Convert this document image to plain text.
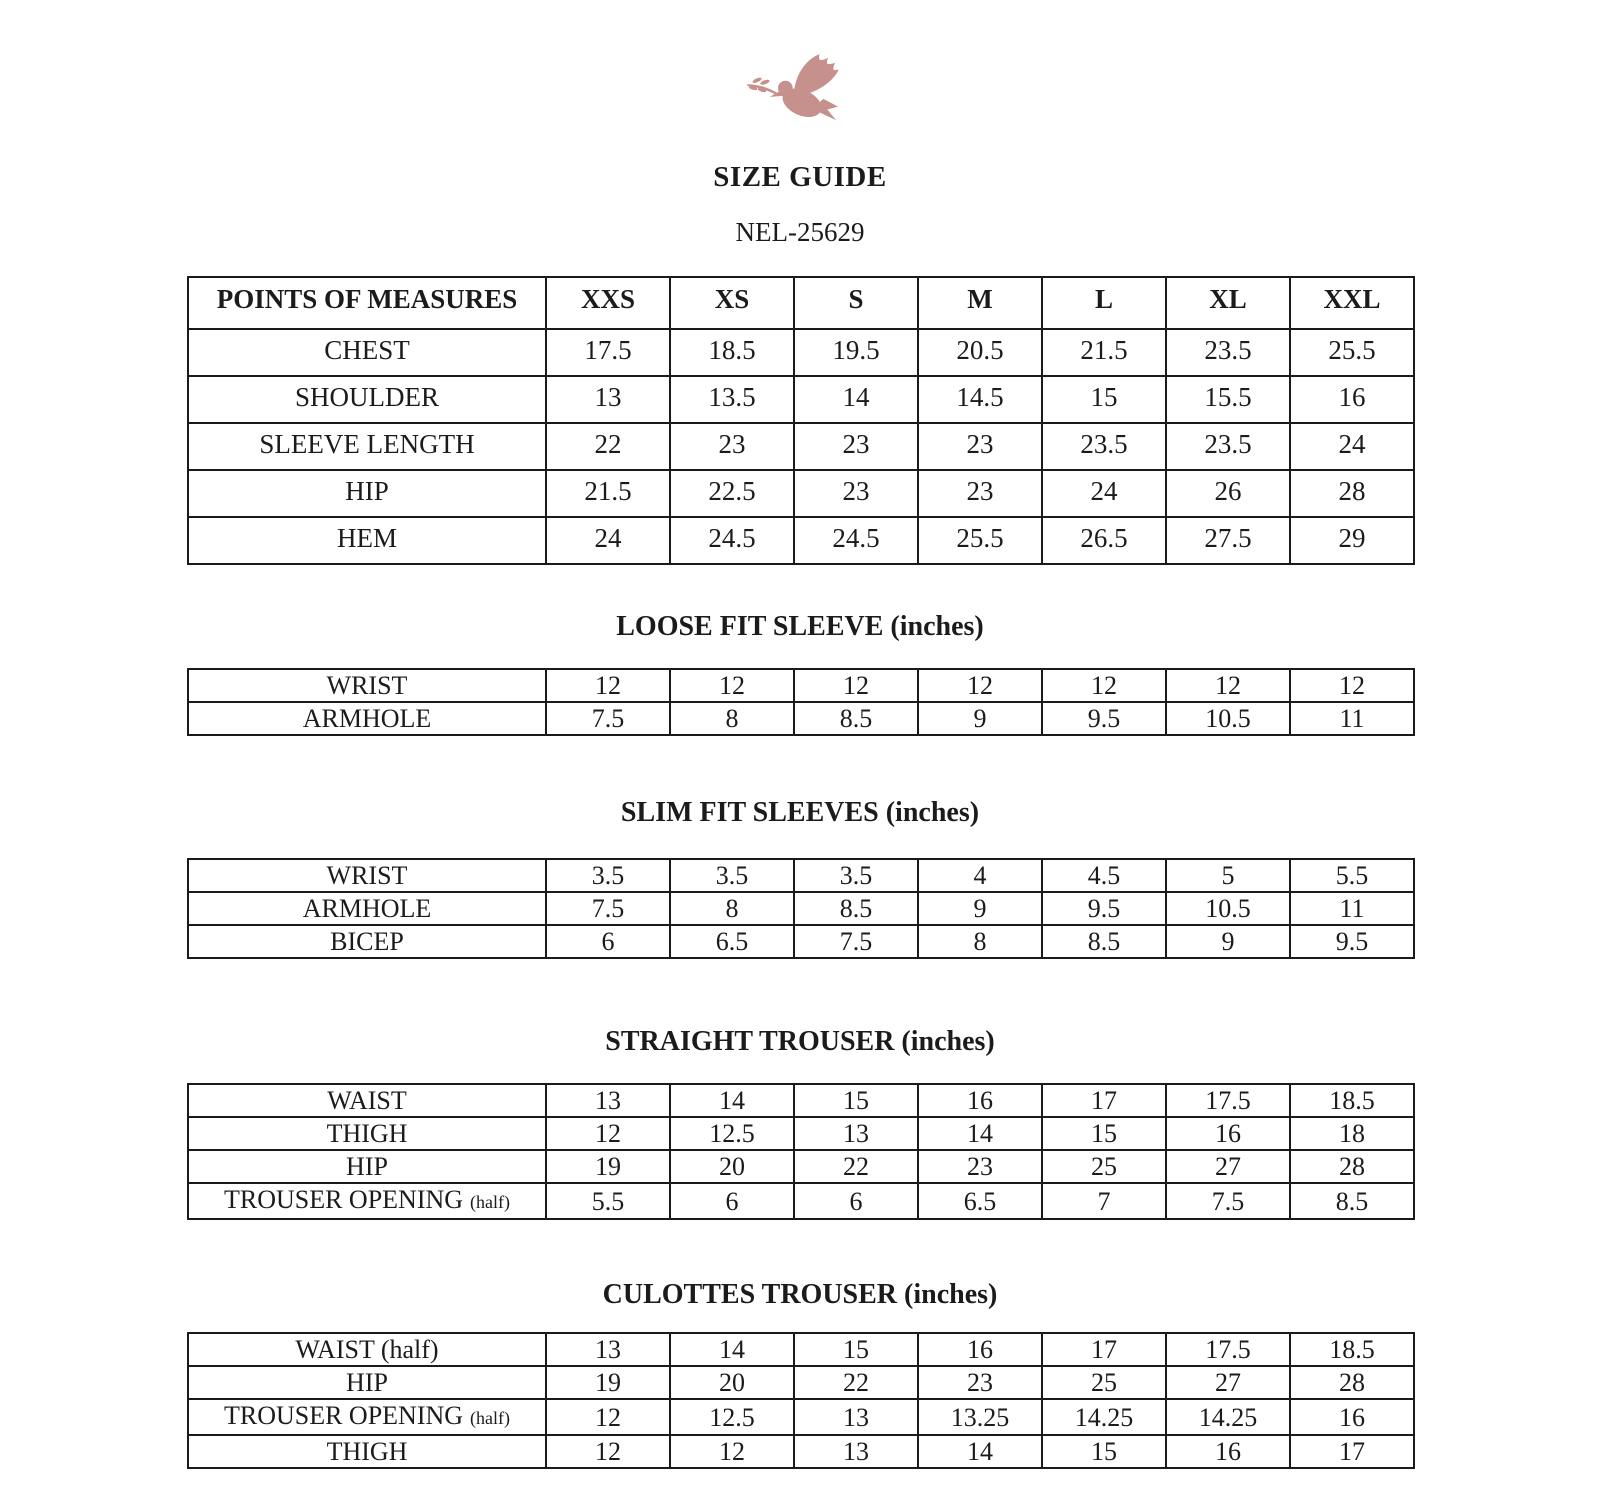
SIZE GUIDE
NEL-25629
POINTS OF MEASURES	XXS	XS	S	M	L	XL	XXL
CHEST	17.5	18.5	19.5	20.5	21.5	23.5	25.5
SHOULDER	13	13.5	14	14.5	15	15.5	16
SLEEVE LENGTH	22	23	23	23	23.5	23.5	24
HIP	21.5	22.5	23	23	24	26	28
HEM	24	24.5	24.5	25.5	26.5	27.5	29
LOOSE FIT SLEEVE (inches)
WRIST	12	12	12	12	12	12	12
ARMHOLE	7.5	8	8.5	9	9.5	10.5	11
SLIM FIT SLEEVES (inches)
WRIST	3.5	3.5	3.5	4	4.5	5	5.5
ARMHOLE	7.5	8	8.5	9	9.5	10.5	11
BICEP	6	6.5	7.5	8	8.5	9	9.5
STRAIGHT TROUSER (inches)
WAIST	13	14	15	16	17	17.5	18.5
THIGH	12	12.5	13	14	15	16	18
HIP	19	20	22	23	25	27	28
TROUSER OPENING (half)	5.5	6	6	6.5	7	7.5	8.5
CULOTTES TROUSER (inches)
WAIST (half)	13	14	15	16	17	17.5	18.5
HIP	19	20	22	23	25	27	28
TROUSER OPENING (half)	12	12.5	13	13.25	14.25	14.25	16
THIGH	12	12	13	14	15	16	17
